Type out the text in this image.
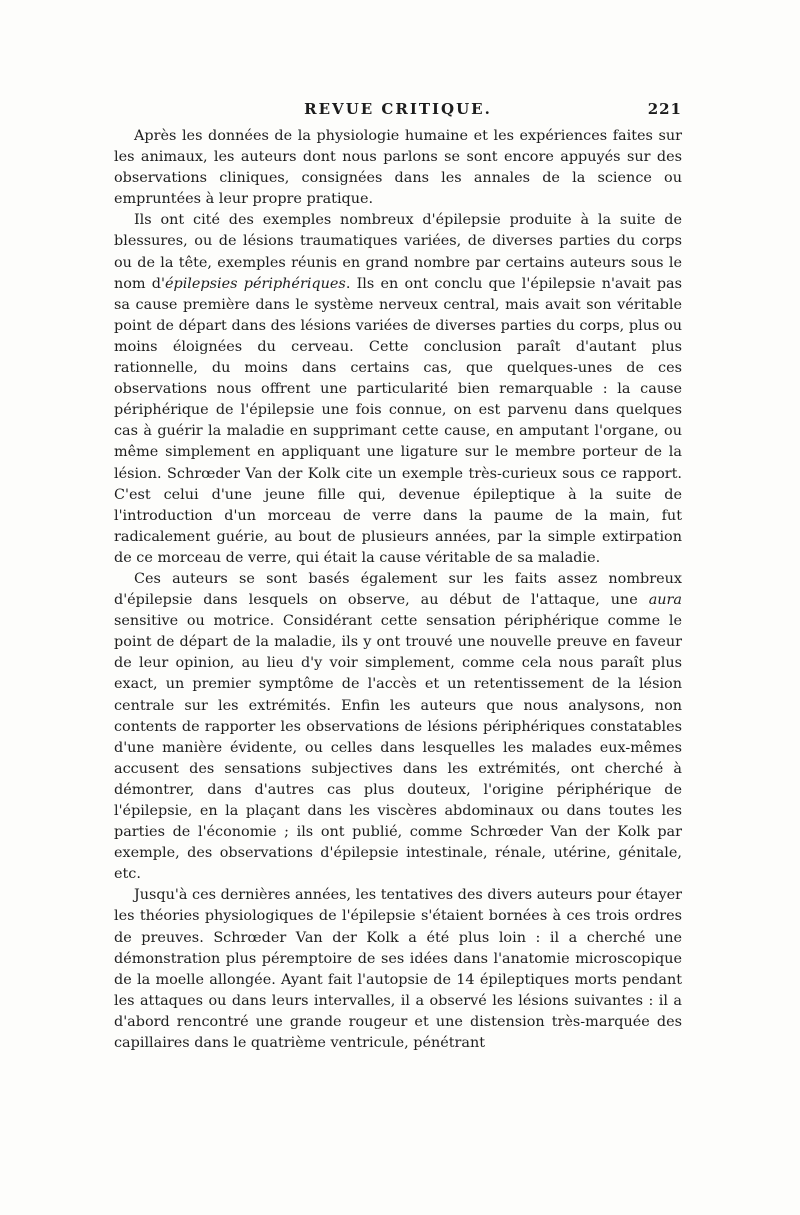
REVUE CRITIQUE.	221

Après les données de la physiologie humaine et les expériences faites sur les animaux, les auteurs dont nous parlons se sont encore appuyés sur des observations cliniques, consignées dans les annales de la science ou empruntées à leur propre pratique.

Ils ont cité des exemples nombreux d'épilepsie produite à la suite de blessures, ou de lésions traumatiques variées, de diverses parties du corps ou de la tête, exemples réunis en grand nombre par certains auteurs sous le nom d'épilepsies périphériques. Ils en ont conclu que l'épilepsie n'avait pas sa cause première dans le système nerveux central, mais avait son véritable point de départ dans des lésions variées de diverses parties du corps, plus ou moins éloignées du cerveau. Cette conclusion paraît d'autant plus rationnelle, du moins dans certains cas, que quelques-unes de ces observations nous offrent une particularité bien remarquable : la cause périphérique de l'épilepsie une fois connue, on est parvenu dans quelques cas à guérir la maladie en supprimant cette cause, en amputant l'organe, ou même simplement en appliquant une ligature sur le membre porteur de la lésion. Schrœder Van der Kolk cite un exemple très-curieux sous ce rapport. C'est celui d'une jeune fille qui, devenue épileptique à la suite de l'introduction d'un morceau de verre dans la paume de la main, fut radicalement guérie, au bout de plusieurs années, par la simple extirpation de ce morceau de verre, qui était la cause véritable de sa maladie.

Ces auteurs se sont basés également sur les faits assez nombreux d'épilepsie dans lesquels on observe, au début de l'attaque, une aura sensitive ou motrice. Considérant cette sensation périphérique comme le point de départ de la maladie, ils y ont trouvé une nouvelle preuve en faveur de leur opinion, au lieu d'y voir simplement, comme cela nous paraît plus exact, un premier symptôme de l'accès et un retentissement de la lésion centrale sur les extrémités. Enfin les auteurs que nous analysons, non contents de rapporter les observations de lésions périphériques constatables d'une manière évidente, ou celles dans lesquelles les malades eux-mêmes accusent des sensations subjectives dans les extrémités, ont cherché à démontrer, dans d'autres cas plus douteux, l'origine périphérique de l'épilepsie, en la plaçant dans les viscères abdominaux ou dans toutes les parties de l'économie ; ils ont publié, comme Schrœder Van der Kolk par exemple, des observations d'épilepsie intestinale, rénale, utérine, génitale, etc.

Jusqu'à ces dernières années, les tentatives des divers auteurs pour étayer les théories physiologiques de l'épilepsie s'étaient bornées à ces trois ordres de preuves. Schrœder Van der Kolk a été plus loin : il a cherché une démonstration plus péremptoire de ses idées dans l'anatomie microscopique de la moelle allongée. Ayant fait l'autopsie de 14 épileptiques morts pendant les attaques ou dans leurs intervalles, il a observé les lésions suivantes : il a d'abord rencontré une grande rougeur et une distension très-marquée des capillaires dans le quatrième ventricule, pénétrant
